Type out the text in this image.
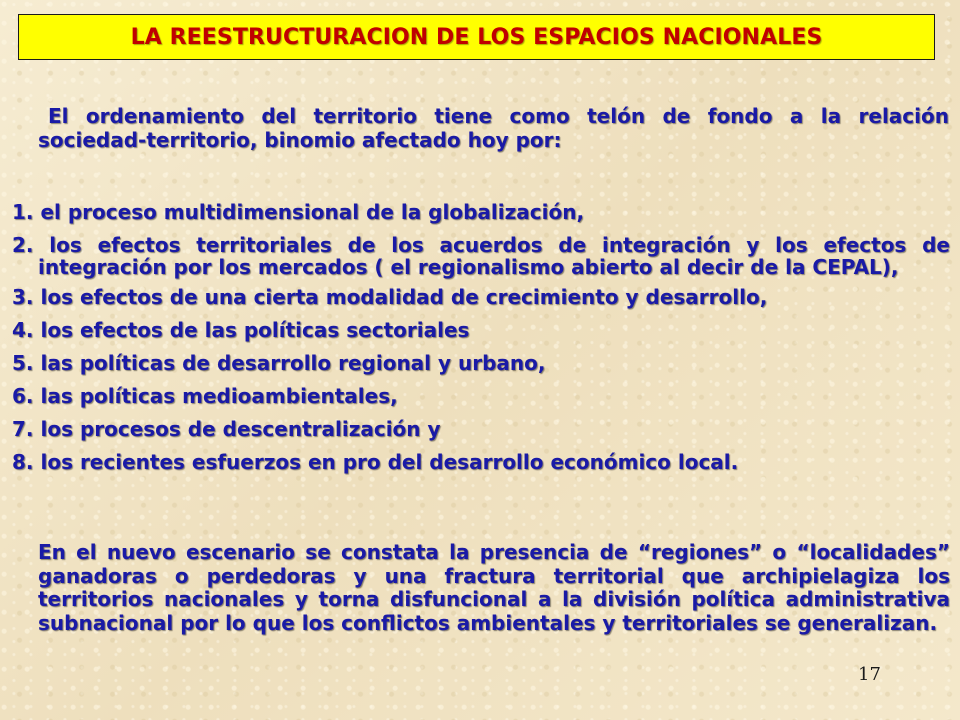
LA REESTRUCTURACION DE LOS ESPACIOS NACIONALES

El ordenamiento del territorio tiene como telón de fondo a la relación sociedad-territorio, binomio afectado hoy por:

1. el proceso multidimensional de la globalización,
2. los efectos territoriales de los acuerdos de integración y los efectos de integración por los mercados ( el regionalismo abierto al decir de la CEPAL),
3. los efectos de una cierta modalidad de crecimiento y desarrollo,
4. los efectos de las políticas sectoriales
5. las políticas de desarrollo regional y urbano,
6. las políticas medioambientales,
7. los procesos de descentralización y
8. los recientes esfuerzos en pro del desarrollo económico local.

En el nuevo escenario se constata la presencia de “regiones” o “localidades” ganadoras o perdedoras y una fractura territorial que archipielagiza los territorios nacionales y torna disfuncional a la división política administrativa subnacional por lo que los conflictos ambientales y territoriales se generalizan.

17
